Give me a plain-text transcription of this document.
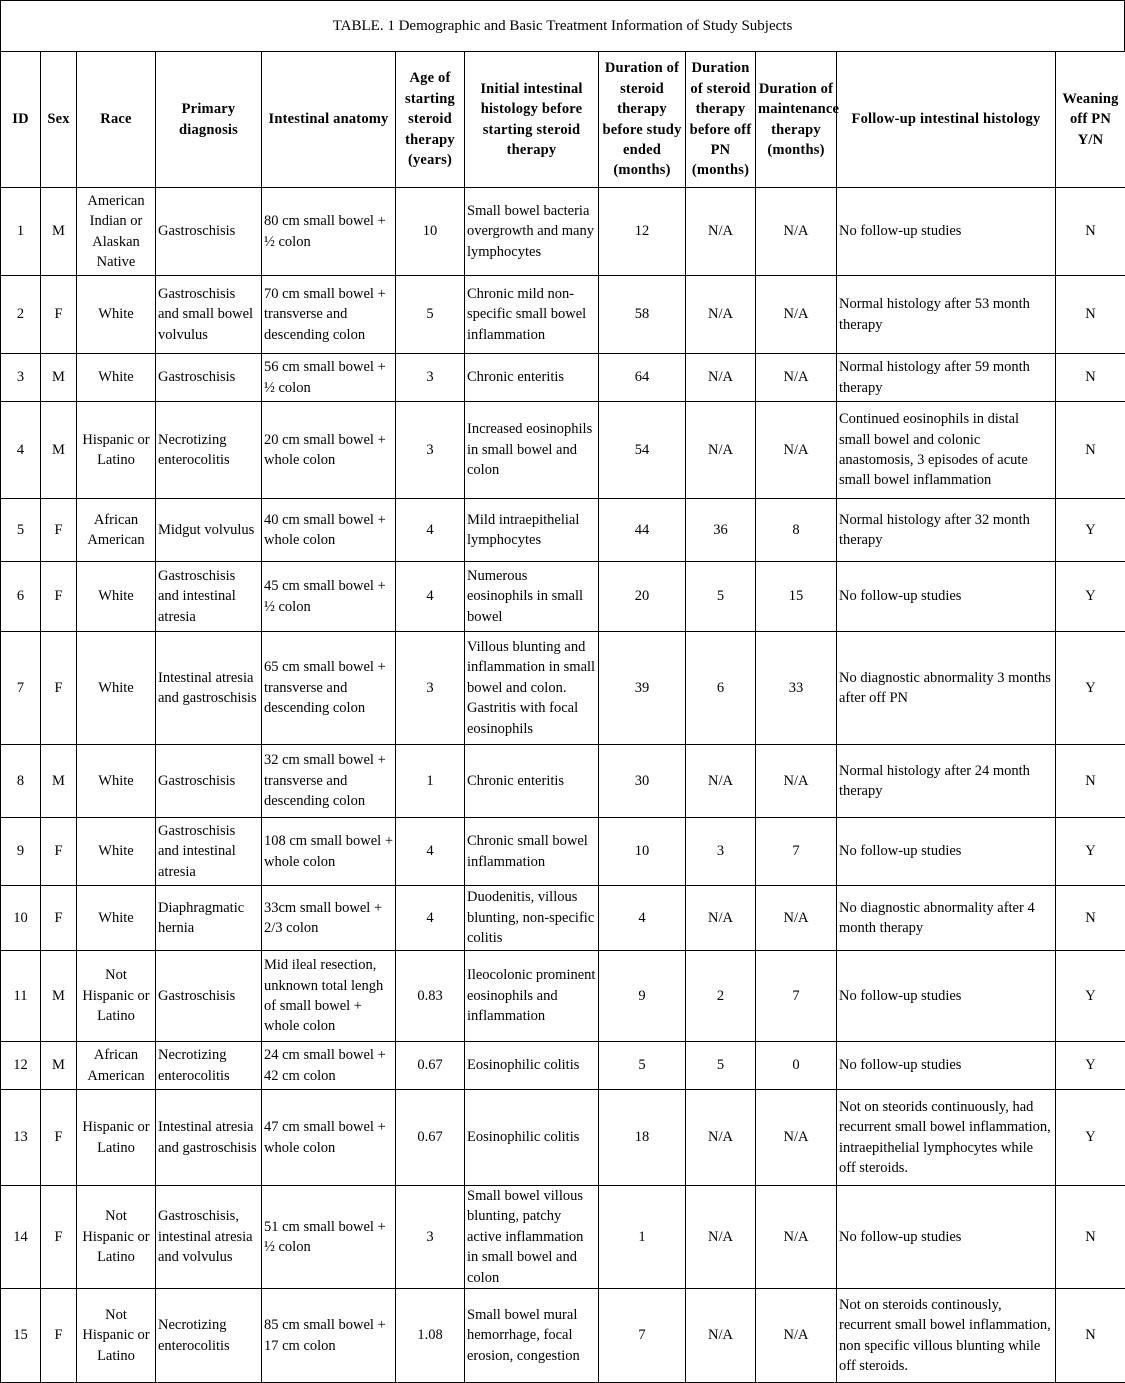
TABLE. 1 Demographic and Basic Treatment Information of Study Subjects
ID	Sex	Race	Primary diagnosis	Intestinal anatomy	Age of starting steroid therapy (years)	Initial intestinal histology before starting steroid therapy	Duration of steroid therapy before study ended (months)	Duration of steroid therapy before off PN (months)	Duration of maintenance therapy (months)	Follow-up intestinal histology	Weaning off PN Y/N
1	M	American Indian or Alaskan Native	Gastroschisis	80 cm small bowel + ½ colon	10	Small bowel bacteria overgrowth and many lymphocytes	12	N/A	N/A	No follow-up studies	N
2	F	White	Gastroschisis and small bowel volvulus	70 cm small bowel + transverse and descending colon	5	Chronic mild non-specific small bowel inflammation	58	N/A	N/A	Normal histology after 53 month therapy	N
3	M	White	Gastroschisis	56 cm small bowel + ½ colon	3	Chronic enteritis	64	N/A	N/A	Normal histology after 59 month therapy	N
4	M	Hispanic or Latino	Necrotizing enterocolitis	20 cm small bowel + whole colon	3	Increased eosinophils in small bowel and colon	54	N/A	N/A	Continued eosinophils in distal small bowel and colonic anastomosis, 3 episodes of acute small bowel inflammation	N
5	F	African American	Midgut volvulus	40 cm small bowel + whole colon	4	Mild intraepithelial lymphocytes	44	36	8	Normal histology after 32 month therapy	Y
6	F	White	Gastroschisis and intestinal atresia	45 cm small bowel + ½ colon	4	Numerous eosinophils in small bowel	20	5	15	No follow-up studies	Y
7	F	White	Intestinal atresia and gastroschisis	65 cm small bowel + transverse and descending colon	3	Villous blunting and inflammation in small bowel and colon. Gastritis with focal eosinophils	39	6	33	No diagnostic abnormality 3 months after off PN	Y
8	M	White	Gastroschisis	32 cm small bowel + transverse and descending colon	1	Chronic enteritis	30	N/A	N/A	Normal histology after 24 month therapy	N
9	F	White	Gastroschisis and intestinal atresia	108 cm small bowel + whole colon	4	Chronic small bowel inflammation	10	3	7	No follow-up studies	Y
10	F	White	Diaphragmatic hernia	33cm small bowel + 2/3 colon	4	Duodenitis, villous blunting, non-specific colitis	4	N/A	N/A	No diagnostic abnormality after 4 month therapy	N
11	M	Not Hispanic or Latino	Gastroschisis	Mid ileal resection, unknown total lengh of small bowel + whole colon	0.83	Ileocolonic prominent eosinophils and inflammation	9	2	7	No follow-up studies	Y
12	M	African American	Necrotizing enterocolitis	24 cm small bowel + 42 cm colon	0.67	Eosinophilic colitis	5	5	0	No follow-up studies	Y
13	F	Hispanic or Latino	Intestinal atresia and gastroschisis	47 cm small bowel + whole colon	0.67	Eosinophilic colitis	18	N/A	N/A	Not on steorids continuously, had recurrent small bowel inflammation, intraepithelial lymphocytes while off steroids.	Y
14	F	Not Hispanic or Latino	Gastroschisis, intestinal atresia and volvulus	51 cm small bowel + ½ colon	3	Small bowel villous blunting, patchy active inflammation in small bowel and colon	1	N/A	N/A	No follow-up studies	N
15	F	Not Hispanic or Latino	Necrotizing enterocolitis	85 cm small bowel + 17 cm colon	1.08	Small bowel mural hemorrhage, focal erosion, congestion	7	N/A	N/A	Not on steroids continously, recurrent small bowel inflammation, non specific villous blunting while off steroids.	N
